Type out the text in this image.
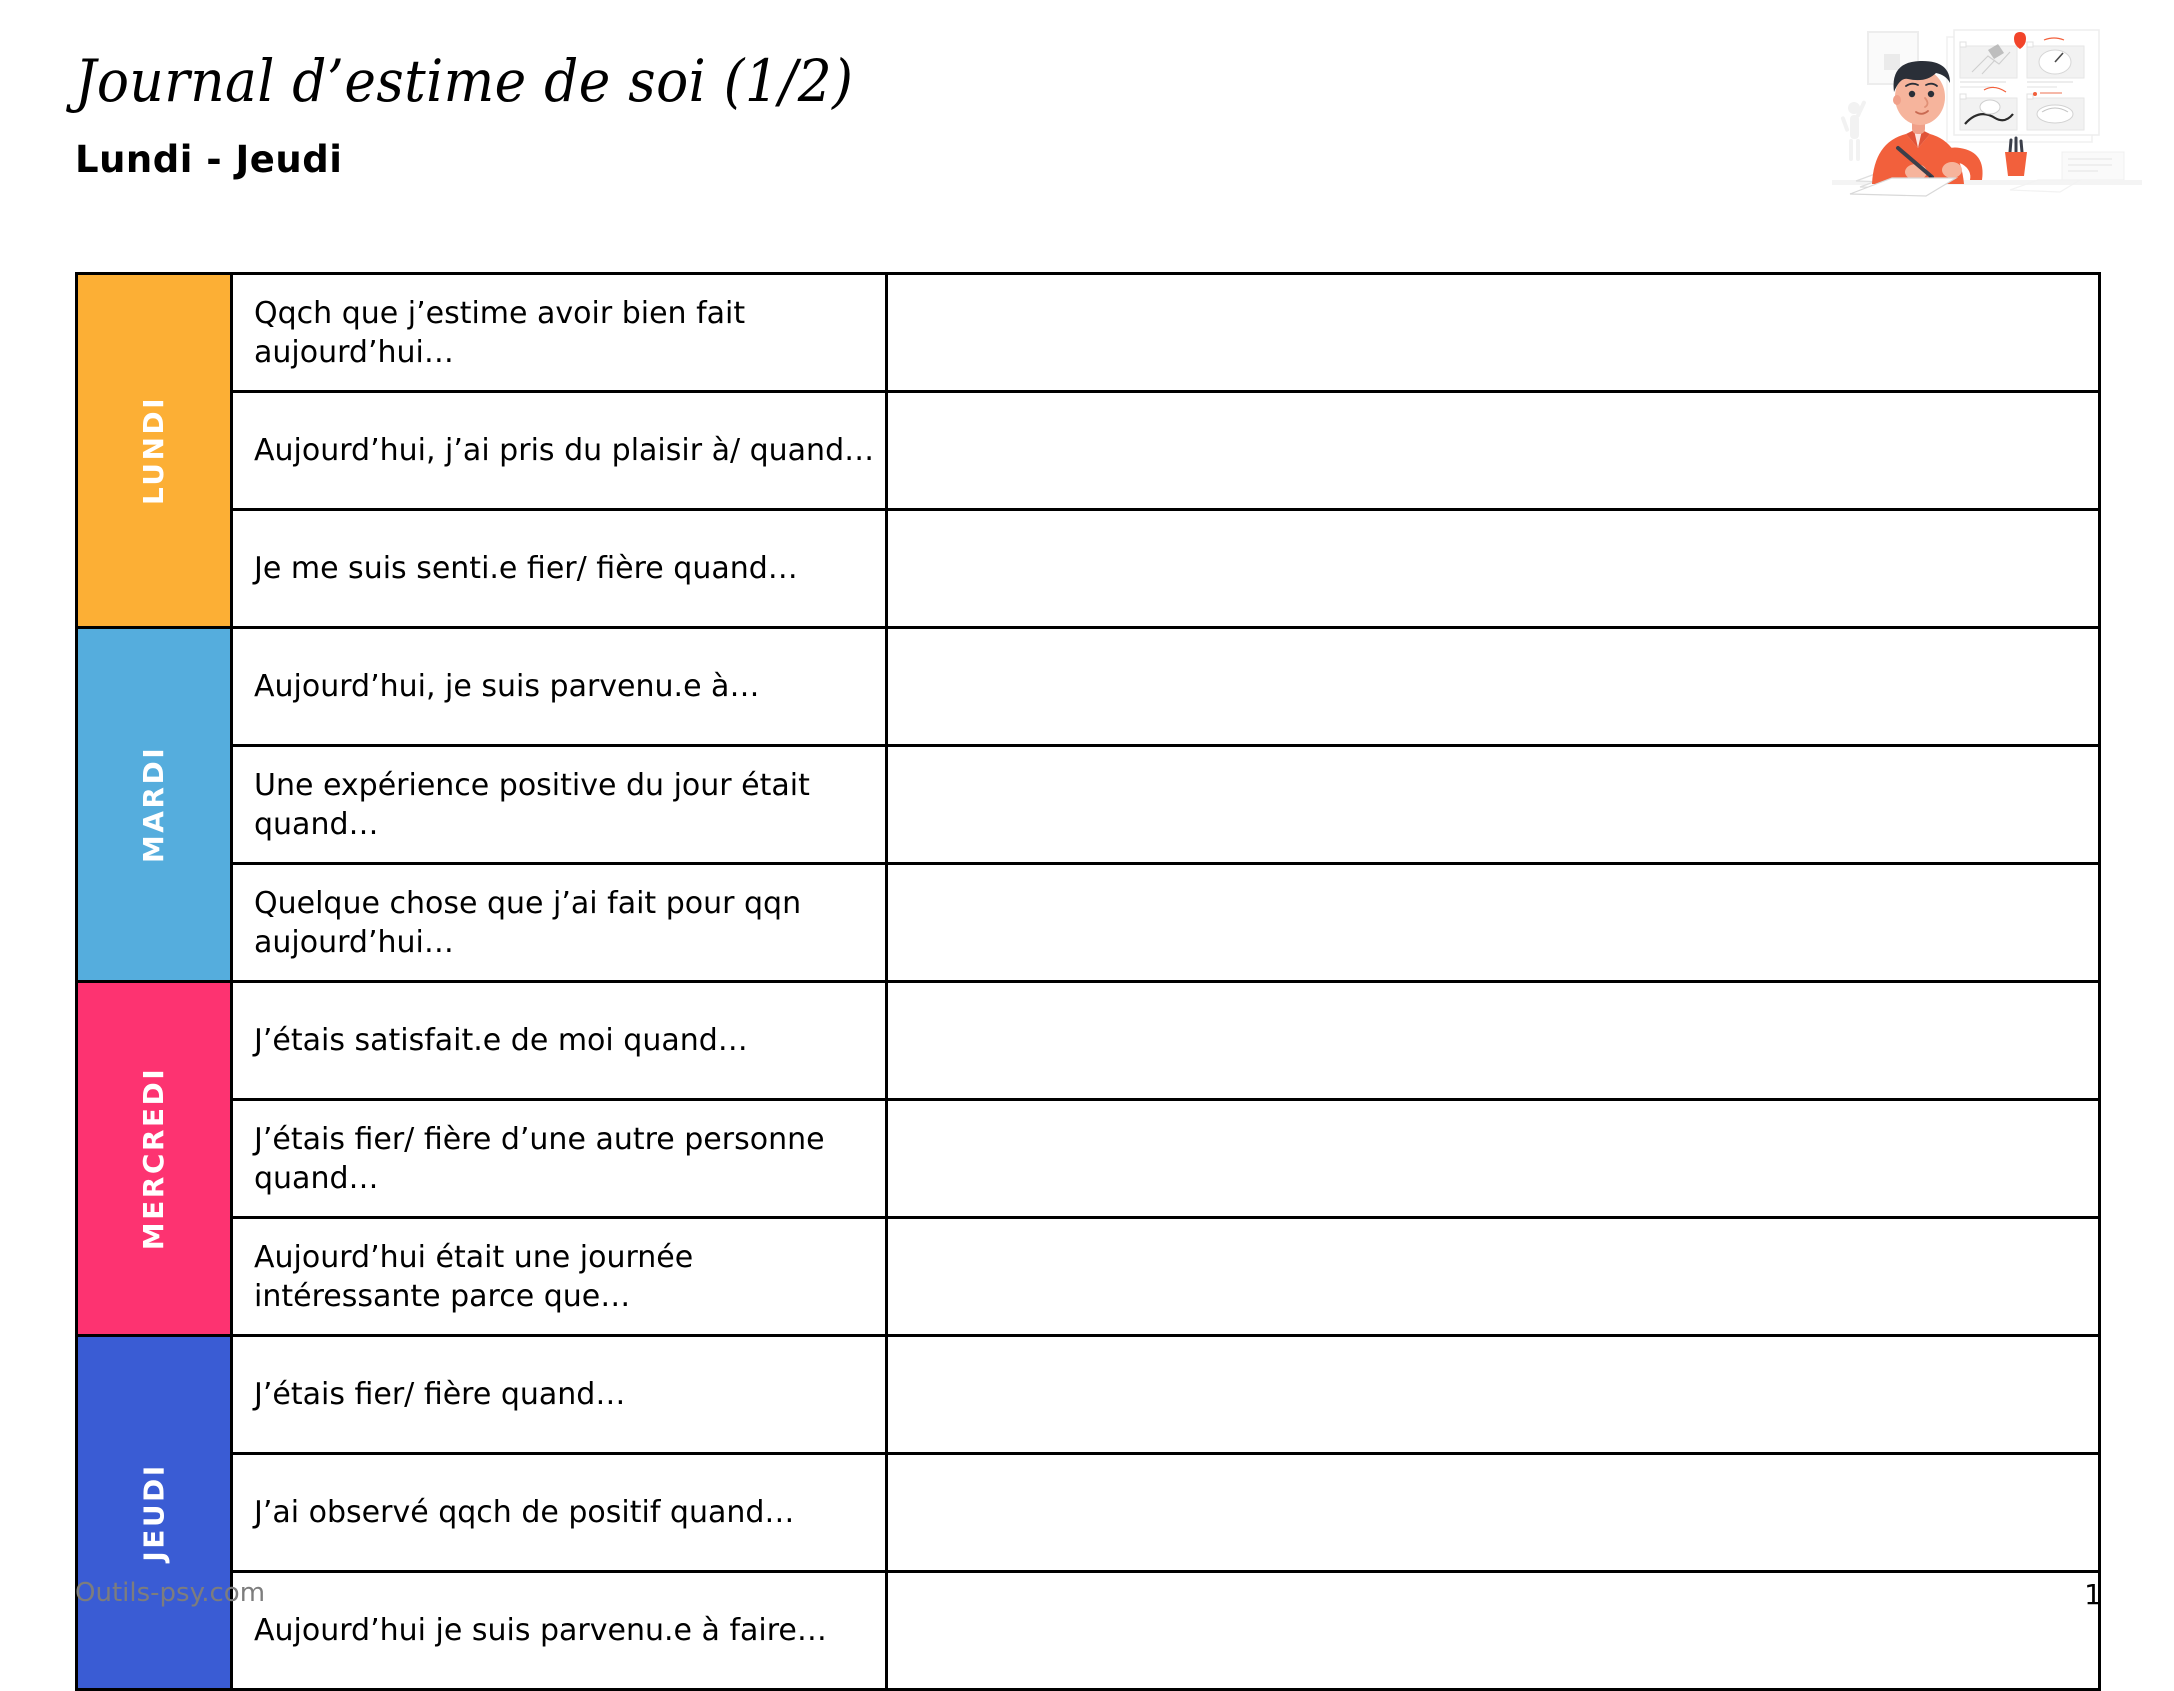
Journal d’estime de soi (1/2)
Lundi - Jeudi
LUNDI	Qqch que j’estime avoir bien fait aujourd’hui…	
	Aujourd’hui, j’ai pris du plaisir à/ quand…	
	Je me suis senti.e fier/ fière quand…	

MARDI	Aujourd’hui, je suis parvenu.e à…	
	Une expérience positive du jour était quand…	
	Quelque chose que j’ai fait pour qqn aujourd’hui…	

MERCREDI	J’étais satisfait.e de moi quand…	
	J’étais fier/ fière d’une autre personne quand…	
	Aujourd’hui était une journée intéressante parce que…	

JEUDI	J’étais fier/ fière quand…	
	J’ai observé qqch de positif quand…	
	Aujourd’hui je suis parvenu.e à faire…	
Outils-psy.com	1
